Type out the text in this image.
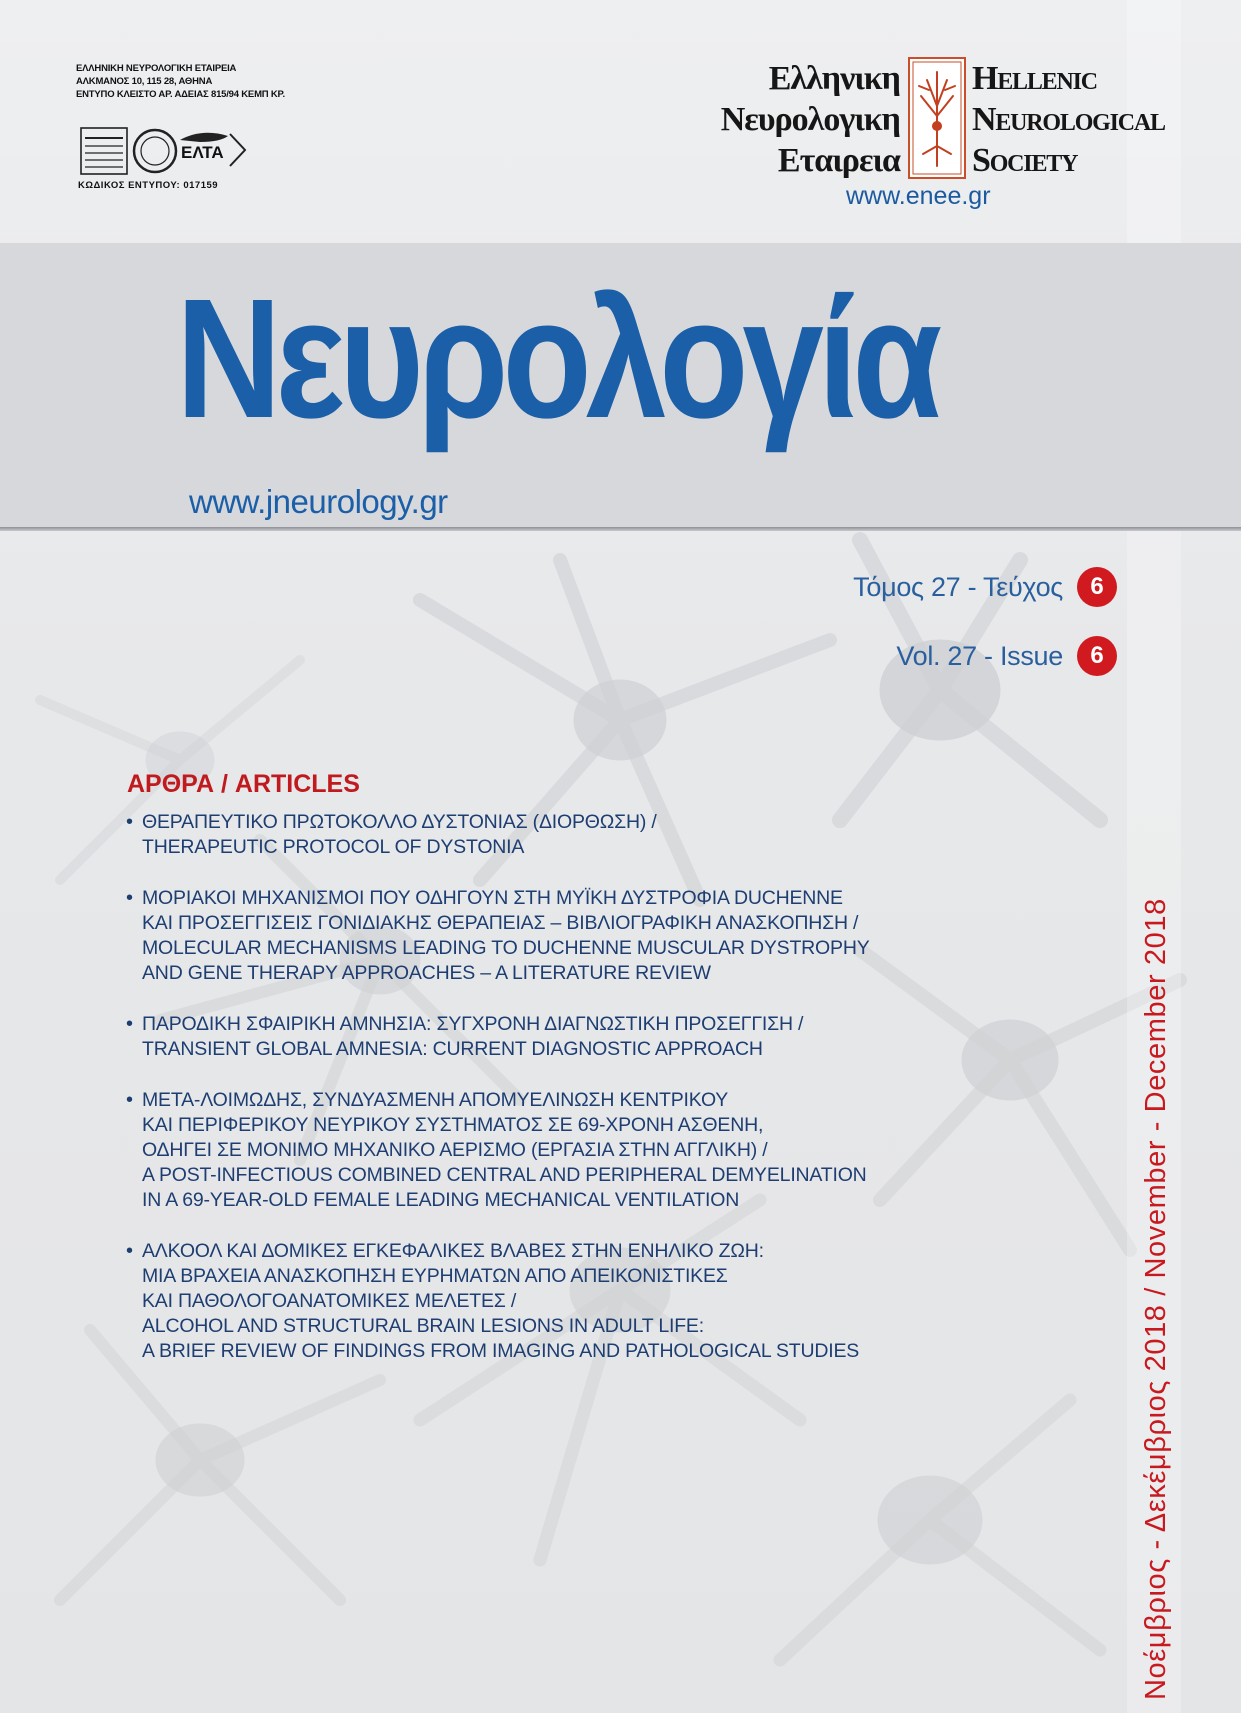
ΕΛΛΗΝΙΚΗ ΝΕΥΡΟΛΟΓΙΚΗ ΕΤΑΙΡΕΙΑ
ΑΛΚΜΑΝΟΣ 10, 115 28, ΑΘΗΝΑ
ΕΝΤΥΠΟ ΚΛΕΙΣΤΟ ΑΡ. ΑΔΕΙΑΣ 815/94 ΚΕΜΠ ΚΡ.
ΕΛΤΑ
ΚΩΔΙΚΟΣ ΕΝΤΥΠΟΥ: 017159
Ελληνικη
Νευρολογικη
Εταιρεια
Hellenic
Neurological
Society
www.enee.gr
Νευρολογία
www.jneurology.gr
Τόμος 27 - Τεύχος	6
Vol. 27 - Issue	6
ΑΡΘΡΑ / ARTICLES
• ΘΕΡΑΠΕΥΤΙΚΟ ΠΡΩΤΟΚΟΛΛΟ ΔΥΣΤΟΝΙΑΣ (ΔΙΟΡΘΩΣΗ) /
THERAPEUTIC PROTOCOL OF DYSTONIA
• ΜΟΡΙΑΚΟΙ ΜΗΧΑΝΙΣΜΟΙ ΠΟΥ ΟΔΗΓΟΥΝ ΣΤΗ ΜΥΪΚΗ ΔΥΣΤΡΟΦΙΑ DUCHENNE
ΚΑΙ ΠΡΟΣΕΓΓΙΣΕΙΣ ΓΟΝΙΔΙΑΚΗΣ ΘΕΡΑΠΕΙΑΣ – ΒΙΒΛΙΟΓΡΑΦΙΚΗ ΑΝΑΣΚΟΠΗΣΗ /
MOLECULAR MECHANISMS LEADING TO DUCHENNE MUSCULAR DYSTROPHY
AND GENE THERAPY APPROACHES – A LITERATURE REVIEW
• ΠΑΡΟΔΙΚΗ ΣΦΑΙΡΙΚΗ ΑΜΝΗΣΙΑ: ΣΥΓΧΡΟΝΗ ΔΙΑΓΝΩΣΤΙΚΗ ΠΡΟΣΕΓΓΙΣΗ /
TRANSIENT GLOBAL AMNESIA: CURRENT DIAGNOSTIC APPROACH
• ΜΕΤΑ-ΛΟΙΜΩΔΗΣ, ΣΥΝΔΥΑΣΜΕΝΗ ΑΠΟΜΥΕΛΙΝΩΣΗ ΚΕΝΤΡΙΚΟΥ
ΚΑΙ ΠΕΡΙΦΕΡΙΚΟΥ ΝΕΥΡΙΚΟΥ ΣΥΣΤΗΜΑΤΟΣ ΣΕ 69-ΧΡΟΝΗ ΑΣΘΕΝΗ,
ΟΔΗΓΕΙ ΣΕ ΜΟΝΙΜΟ ΜΗΧΑΝΙΚΟ ΑΕΡΙΣΜΟ (ΕΡΓΑΣΙΑ ΣΤΗΝ ΑΓΓΛΙΚΗ) /
A POST-INFECTIOUS COMBINED CENTRAL AND PERIPHERAL DEMYELINATION
IN A 69-YEAR-OLD FEMALE LEADING MECHANICAL VENTILATION
• ΑΛΚΟΟΛ ΚΑΙ ΔΟΜΙΚΕΣ ΕΓΚΕΦΑΛΙΚΕΣ ΒΛΑΒΕΣ ΣΤΗΝ ΕΝΗΛΙΚΟ ΖΩΗ:
ΜΙΑ ΒΡΑΧΕΙΑ ΑΝΑΣΚΟΠΗΣΗ ΕΥΡΗΜΑΤΩΝ ΑΠΟ ΑΠΕΙΚΟΝΙΣΤΙΚΕΣ
ΚΑΙ ΠΑΘΟΛΟΓΟΑΝΑΤΟΜΙΚΕΣ ΜΕΛΕΤΕΣ /
ALCOHOL AND STRUCTURAL BRAIN LESIONS IN ADULT LIFE:
A BRIEF REVIEW OF FINDINGS FROM IMAGING AND PATHOLOGICAL STUDIES	Νοέμβριος - Δεκέμβριος 2018 / November - December 2018
